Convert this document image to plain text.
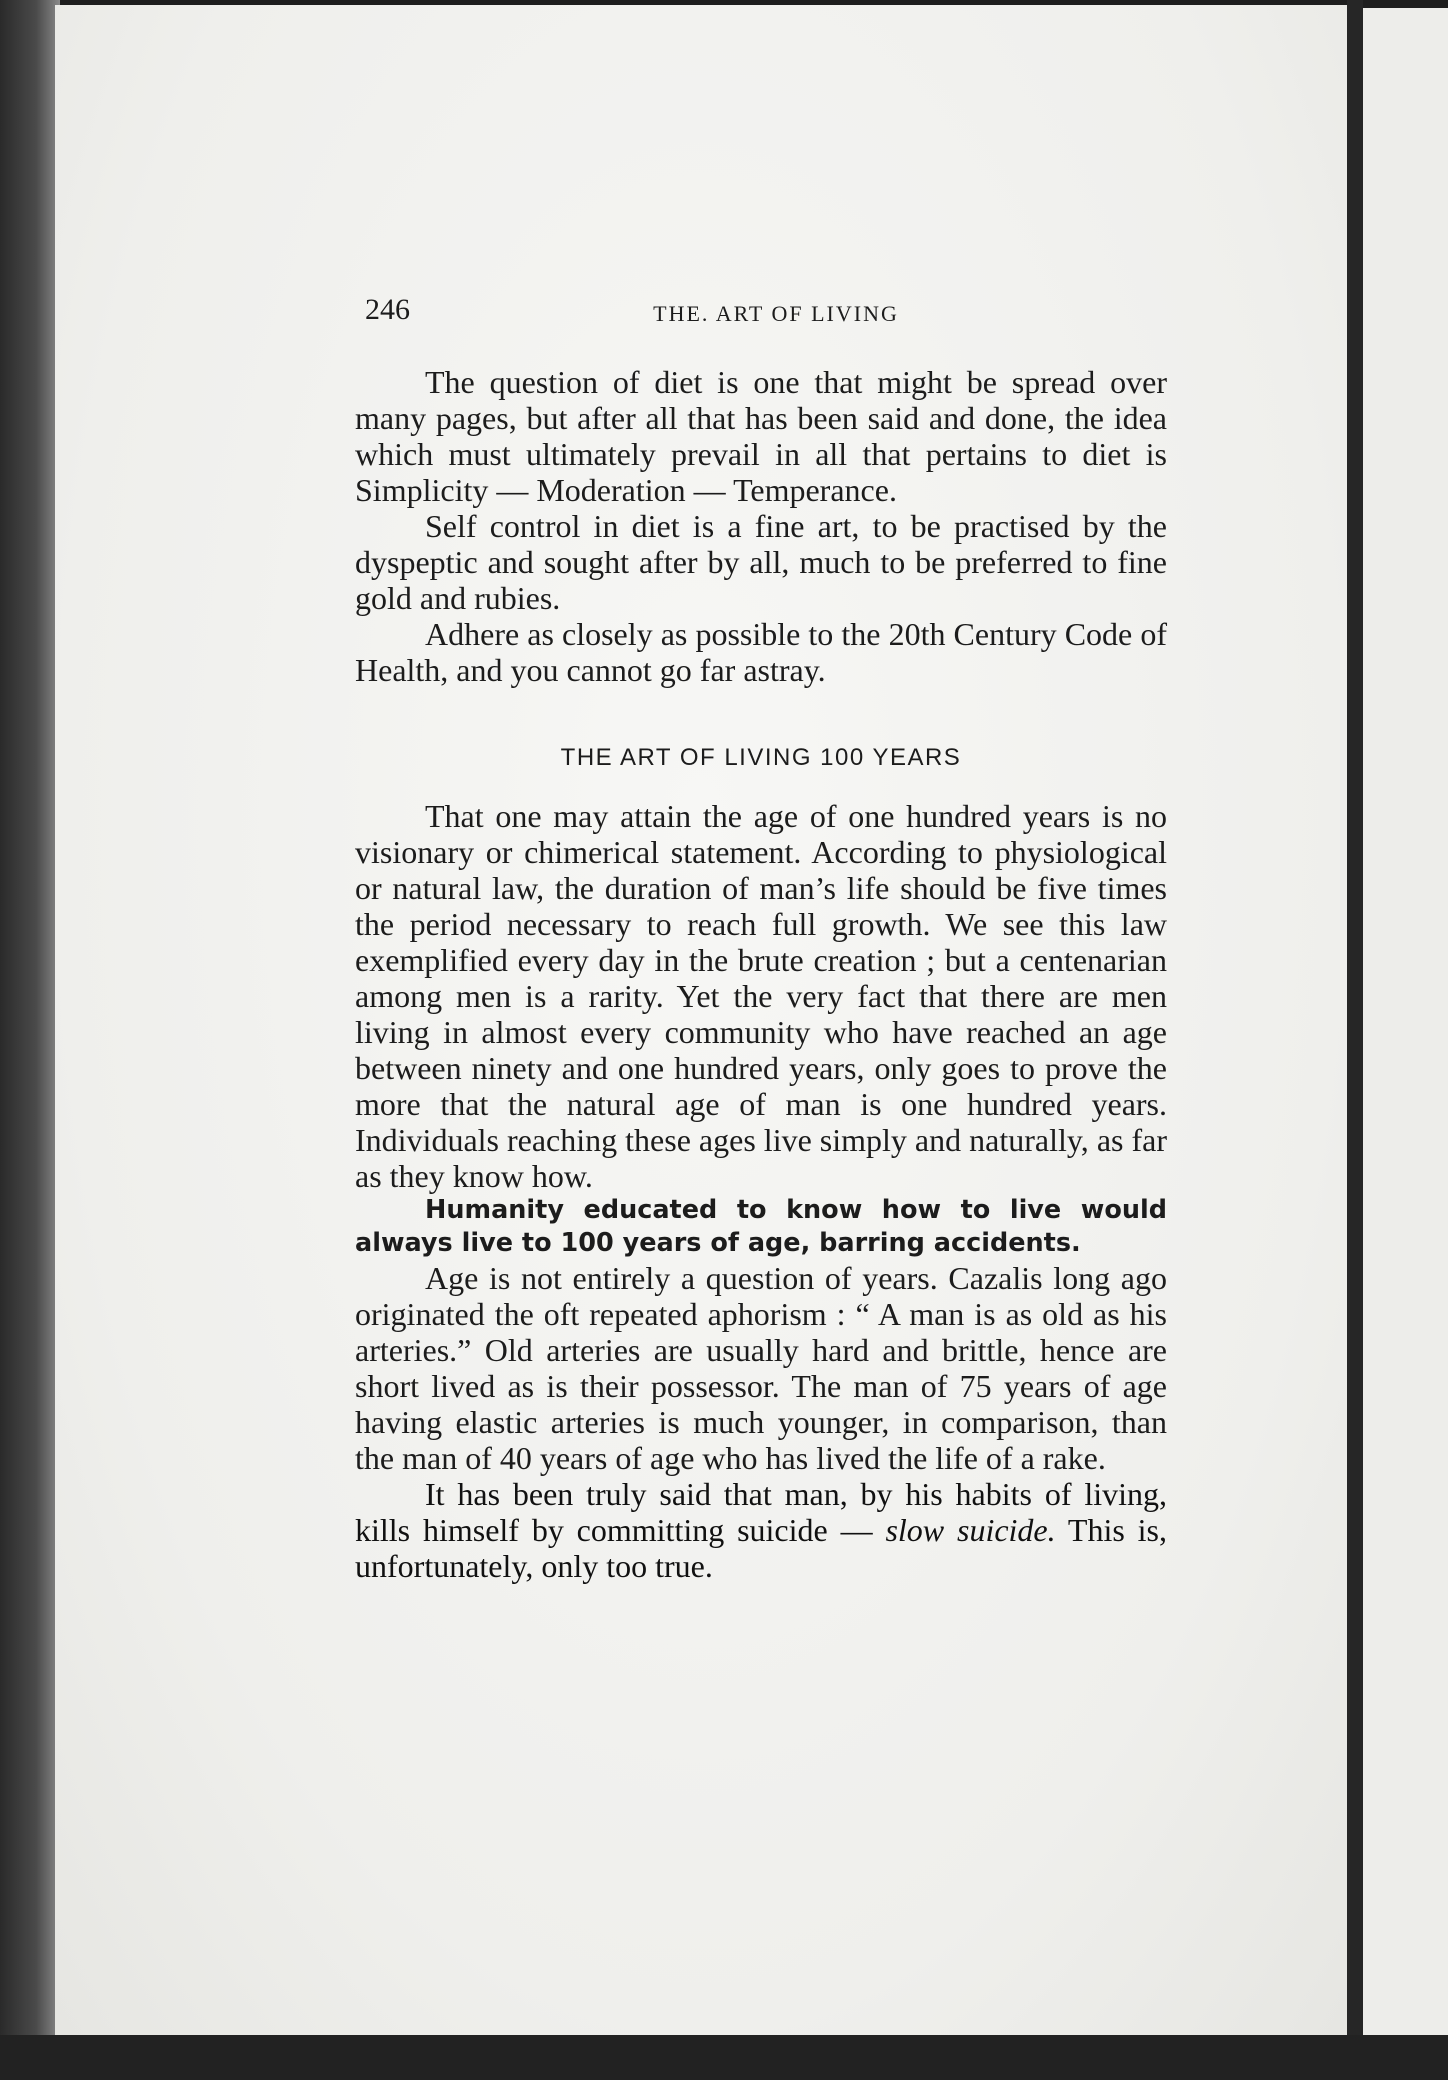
246	THE. ART OF LIVING

The question of diet is one that might be spread over many pages, but after all that has been said and done, the idea which must ultimately prevail in all that pertains to diet is Simplicity — Moderation — Temperance.

Self control in diet is a fine art, to be practised by the dyspeptic and sought after by all, much to be preferred to fine gold and rubies.

Adhere as closely as possible to the 20th Century Code of Health, and you cannot go far astray.

THE ART OF LIVING 100 YEARS

That one may attain the age of one hundred years is no visionary or chimerical statement. According to physiological or natural law, the duration of man’s life should be five times the period necessary to reach full growth. We see this law exemplified every day in the brute creation ; but a centenarian among men is a rarity. Yet the very fact that there are men living in almost every community who have reached an age between ninety and one hundred years, only goes to prove the more that the natural age of man is one hundred years. Individuals reaching these ages live simply and naturally, as far as they know how.

Humanity educated to know how to live would always live to 100 years of age, barring accidents.

Age is not entirely a question of years. Cazalis long ago originated the oft repeated aphorism : “ A man is as old as his arteries.” Old arteries are usually hard and brittle, hence are short lived as is their possessor. The man of 75 years of age having elastic arteries is much younger, in comparison, than the man of 40 years of age who has lived the life of a rake.

It has been truly said that man, by his habits of living, kills himself by committing suicide — slow suicide. This is, unfortunately, only too true.
